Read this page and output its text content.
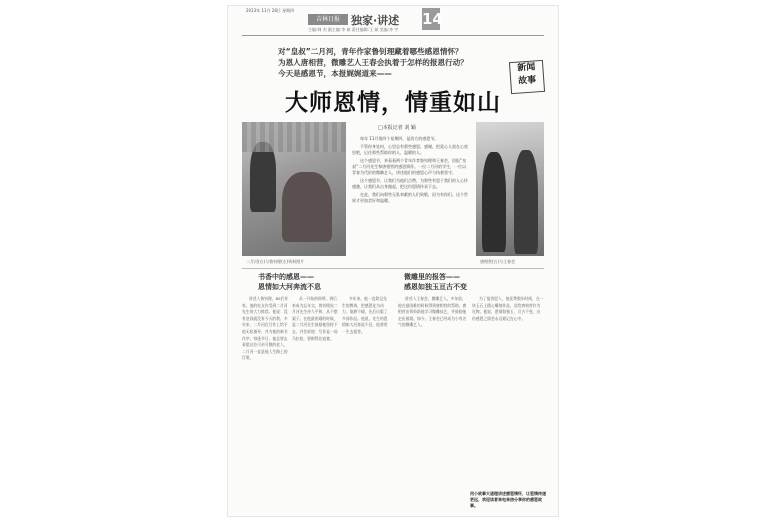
2013年 11月 28日 星期四
吉林日报	独家·讲述 14
主编:韩 杰 副主编:李 斌 责任编辑:王 斌 美编:齐 宇
对“皇叔”二月河，青年作家鲁钊理藏着哪些感恩情怀？
为恩人唐相营，微雕艺人王春会执着于怎样的报恩行动？
今天是感恩节，本报娓娓道来——	新闻
故事
大师恩情，情重如山
二月河(右)与鲁钊理(左)资料照片
□本报记者 刘 颖

每年 11月第四个星期四，是西方的感恩节。

不管你身处何，心里总有那些感恩、感谢，把爱心人放在心底里吧，记住那些帮助你的人，温暖的人。

这个感恩节，来看看两个青年作者鲁钊理和王春会，回报“皇叔”二月河先生和唐相营的感恩情怀。一位二月河的学生，一位以青春为代价的微雕艺人，讲述他们的感恩心声与执着坚守。

这个感恩节，让我们为他们点赞，为那些有恩于我们的人心怀感激，让我们从自身做起，把这份恩情传承下去。

在此，我们向那些无私奉献的人们致敬，因为有你们，这个世界才更加美好和温暖。

唐相营(右)与王春会
书香中的感恩——
恩情如大河奔流不息

讲述人鲁钊理，80后作家，他的处女作受到二月河先生的大力推荐。他说：没有皇叔就没有今天的我。多年来，二月河在写作上给予他无私指导，并为他的新书作序。每逢节日，他总要去看望这位可亲可敬的老人，二月河一直是他人生路上的灯塔。

从一开始的仰慕，到后来成为忘年交，鲁钊理说二月河先生待人平和，从不摆架子。在他最困难的时候，是二月河先生鼓励他坚持下去，并告诉他：写作是一场马拉松，要耐得住寂寞。

多年来，他一直铭记先生的教诲，把感恩化为动力，笔耕不辍，先后出版了多部作品。他说，先生的恩情如大河奔流不息，他将用一生去报答。

微雕里的报答——
感恩如独玉亘古不变

讲述人王春会，微雕艺人。多年前，他在最困难的时候得到唐相营的帮助，唐相营出资资助他学习微雕技艺，并鼓励他走出困境。如今，王春会已经成为小有名气的微雕艺人。

为了报答恩人，他花费数年时间，在一块玉石上精心雕刻作品，送给唐相营作为礼物。他说，恩情如独玉，亘古不变，这份感恩之情会永远铭记在心中。

用小故事大道理讲述感恩情怀，让恩情传递更远，欢迎读者来电来信分享你的感恩故事。
